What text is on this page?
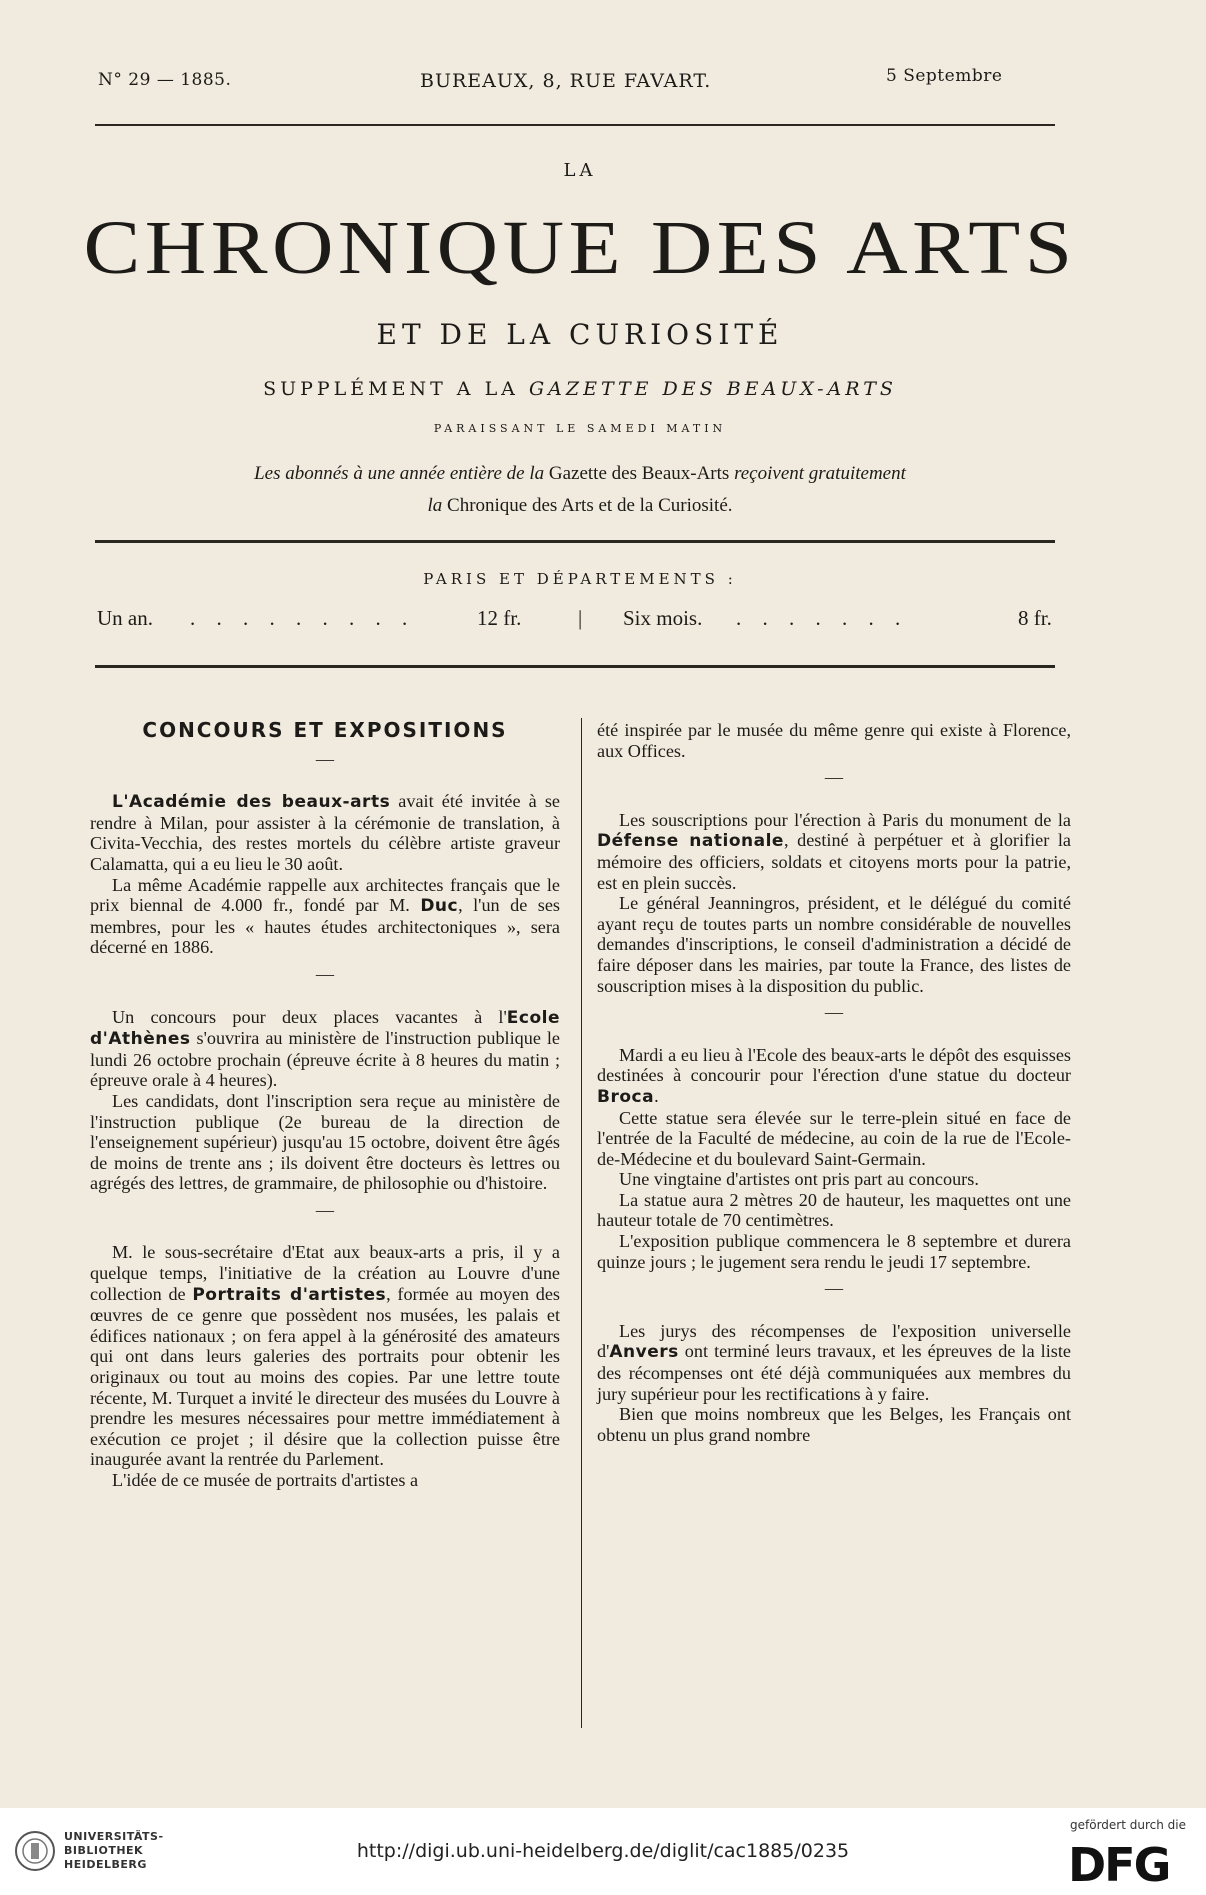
N° 29 — 1885.	BUREAUX, 8, RUE FAVART.	5 Septembre
LA
CHRONIQUE DES ARTS
ET DE LA CURIOSITÉ
SUPPLÉMENT A LA GAZETTE DES BEAUX-ARTS
PARAISSANT LE SAMEDI MATIN
Les abonnés à une année entière de la Gazette des Beaux-Arts reçoivent gratuitement
la Chronique des Arts et de la Curiosité.
PARIS ET DÉPARTEMENTS :
Un an. . . . . . . . . .	12 fr.	| Six mois. . . . . . . .	8 fr.
CONCOURS ET EXPOSITIONS

—

L'Académie des beaux-arts avait été invitée à se rendre à Milan, pour assister à la cérémonie de translation, à Civita-Vecchia, des restes mortels du célèbre artiste graveur Calamatta, qui a eu lieu le 30 août.

La même Académie rappelle aux architectes français que le prix biennal de 4.000 fr., fondé par M. Duc, l'un de ses membres, pour les « hautes études architectoniques », sera décerné en 1886.

—

Un concours pour deux places vacantes à l'Ecole d'Athènes s'ouvrira au ministère de l'instruction publique le lundi 26 octobre prochain (épreuve écrite à 8 heures du matin ; épreuve orale à 4 heures).

Les candidats, dont l'inscription sera reçue au ministère de l'instruction publique (2e bureau de la direction de l'enseignement supérieur) jusqu'au 15 octobre, doivent être âgés de moins de trente ans ; ils doivent être docteurs ès lettres ou agrégés des lettres, de grammaire, de philosophie ou d'histoire.

—

M. le sous-secrétaire d'Etat aux beaux-arts a pris, il y a quelque temps, l'initiative de la création au Louvre d'une collection de Portraits d'artistes, formée au moyen des œuvres de ce genre que possèdent nos musées, les palais et édifices nationaux ; on fera appel à la générosité des amateurs qui ont dans leurs galeries des portraits pour obtenir les originaux ou tout au moins des copies. Par une lettre toute récente, M. Turquet a invité le directeur des musées du Louvre à prendre les mesures nécessaires pour mettre immédiatement à exécution ce projet ; il désire que la collection puisse être inaugurée avant la rentrée du Parlement.

L'idée de ce musée de portraits d'artistes a

été inspirée par le musée du même genre qui existe à Florence, aux Offices.

—

Les souscriptions pour l'érection à Paris du monument de la Défense nationale, destiné à perpétuer et à glorifier la mémoire des officiers, soldats et citoyens morts pour la patrie, est en plein succès.

Le général Jeanningros, président, et le délégué du comité ayant reçu de toutes parts un nombre considérable de nouvelles demandes d'inscriptions, le conseil d'administration a décidé de faire déposer dans les mairies, par toute la France, des listes de souscription mises à la disposition du public.

—

Mardi a eu lieu à l'Ecole des beaux-arts le dépôt des esquisses destinées à concourir pour l'érection d'une statue du docteur Broca.

Cette statue sera élevée sur le terre-plein situé en face de l'entrée de la Faculté de médecine, au coin de la rue de l'Ecole-de-Médecine et du boulevard Saint-Germain.

Une vingtaine d'artistes ont pris part au concours.

La statue aura 2 mètres 20 de hauteur, les maquettes ont une hauteur totale de 70 centimètres.

L'exposition publique commencera le 8 septembre et durera quinze jours ; le jugement sera rendu le jeudi 17 septembre.

—

Les jurys des récompenses de l'exposition universelle d'Anvers ont terminé leurs travaux, et les épreuves de la liste des récompenses ont été déjà communiquées aux membres du jury supérieur pour les rectifications à y faire.

Bien que moins nombreux que les Belges, les Français ont obtenu un plus grand nombre

UNIVERSITÄTS-
BIBLIOTHEK
HEIDELBERG
http://digi.ub.uni-heidelberg.de/diglit/cac1885/0235
gefördert durch die
DFG
